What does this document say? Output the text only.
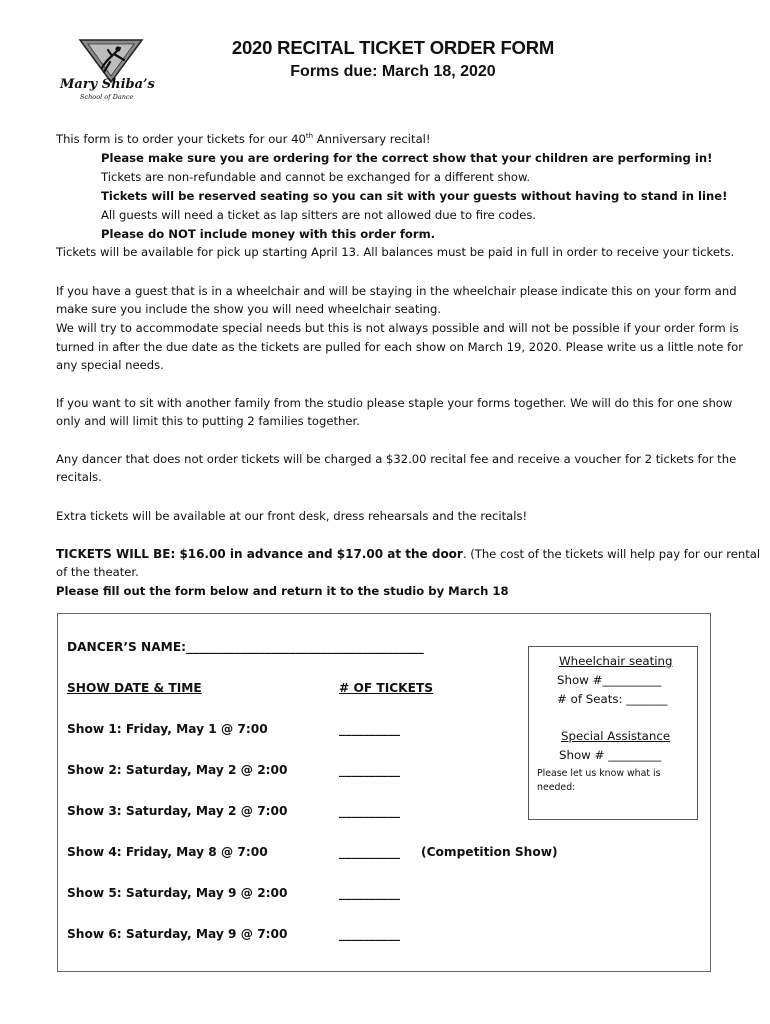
Mary Shiba’s
School of Dance
2020 RECITAL TICKET ORDER FORM
Forms due: March 18, 2020
This form is to order your tickets for our 40th Anniversary recital!
Please make sure you are ordering for the correct show that your children are performing in!
Tickets are non-refundable and cannot be exchanged for a different show.
Tickets will be reserved seating so you can sit with your guests without having to stand in line!
All guests will need a ticket as lap sitters are not allowed due to fire codes.
Please do NOT include money with this order form.
Tickets will be available for pick up starting April 13. All balances must be paid in full in order to receive your tickets.
If you have a guest that is in a wheelchair and will be staying in the wheelchair please indicate this on your form and
make sure you include the show you will need wheelchair seating.
We will try to accommodate special needs but this is not always possible and will not be possible if your order form is
turned in after the due date as the tickets are pulled for each show on March 19, 2020. Please write us a little note for
any special needs.
If you want to sit with another family from the studio please staple your forms together. We will do this for one show
only and will limit this to putting 2 families together.
Any dancer that does not order tickets will be charged a $32.00 recital fee and receive a voucher for 2 tickets for the
recitals.
Extra tickets will be available at our front desk, dress rehearsals and the recitals!
TICKETS WILL BE: $16.00 in advance and $17.00 at the door. (The cost of the tickets will help pay for our rental
of the theater.
Please fill out the form below and return it to the studio by March 18
DANCER’S NAME:_______________________________________
SHOW DATE & TIME	# OF TICKETS
Show 1: Friday, May 1 @ 7:00	__________
Show 2: Saturday, May 2 @ 2:00	__________
Show 3: Saturday, May 2 @ 7:00	__________
Show 4: Friday, May 8 @ 7:00	__________ (Competition Show)
Show 5: Saturday, May 9 @ 2:00	__________
Show 6: Saturday, May 9 @ 7:00	__________
Wheelchair seating
Show #__________
# of Seats: _______
Special Assistance
Show # _________
Please let us know what is
needed:
